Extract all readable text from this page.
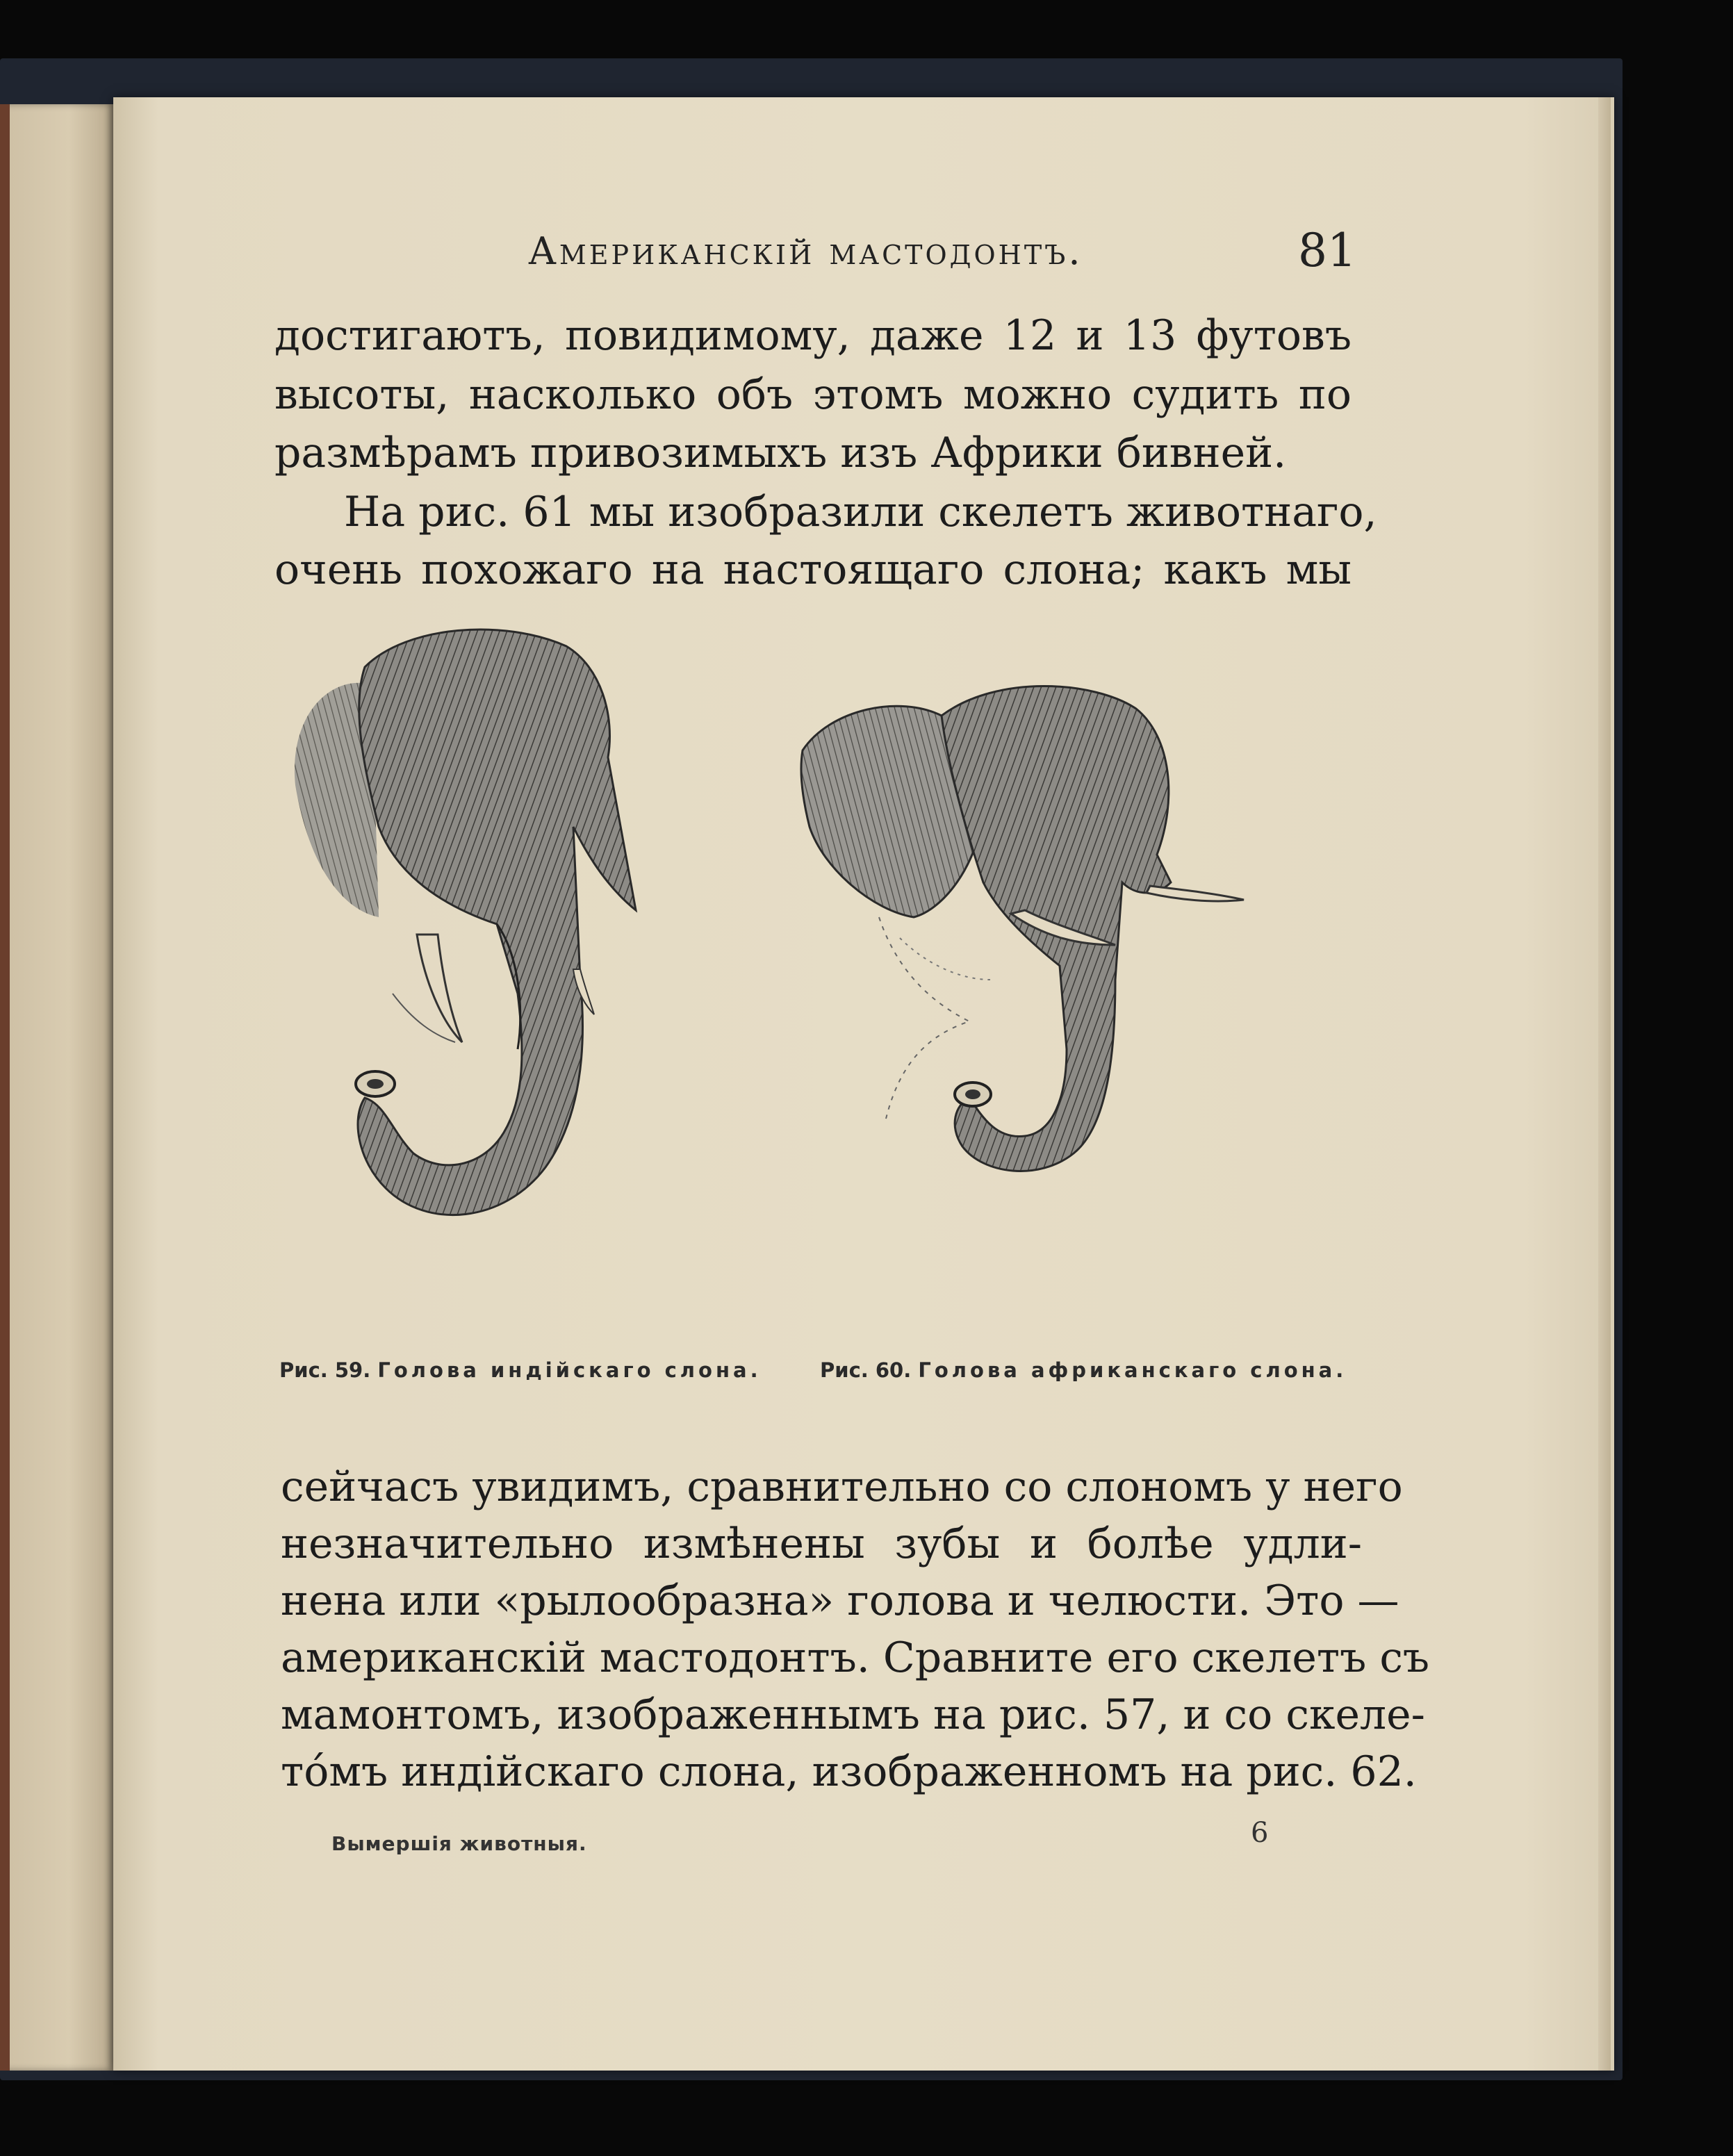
Американскій мастодонтъ.	81
достигаютъ, повидимому, даже 12 и 13 футовъ
высоты, насколько объ этомъ можно судить по
размѣрамъ привозимыхъ изъ Африки бивней.
На рис. 61 мы изобразили скелетъ животнаго,
очень похожаго на настоящаго слона; какъ мы
Рис. 59. Голова индійскаго слона.	Рис. 60. Голова африканскаго слона.
сейчасъ увидимъ, сравнительно со слономъ у него
незначительно измѣнены зубы и болѣе удли-
нена или «рылообразна» голова и челюсти. Это —
американскій мастодонтъ. Сравните его скелетъ съ
мамонтомъ, изображеннымъ на рис. 57, и со скеле-
то́мъ индійскаго слона, изображенномъ на рис. 62.
Вымершія животныя.	6
